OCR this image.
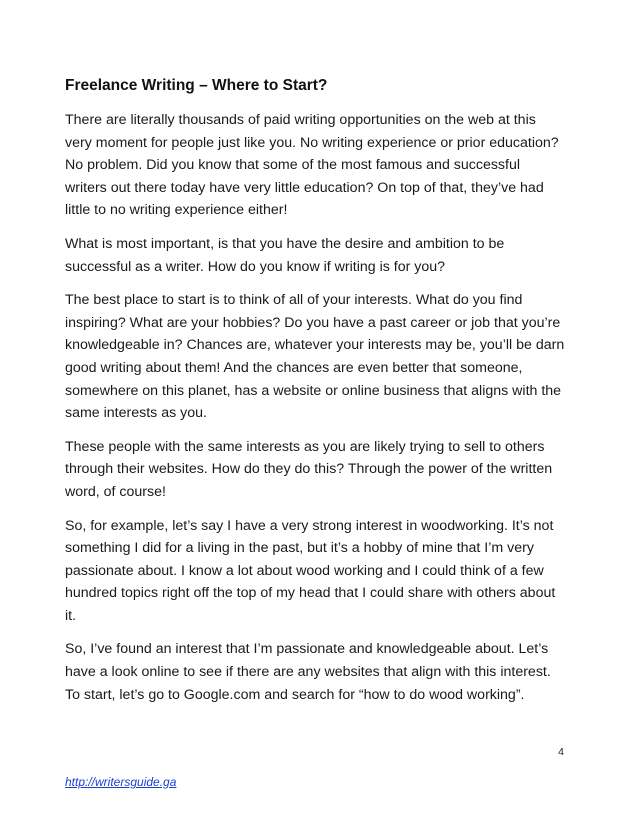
Freelance Writing – Where to Start?

There are literally thousands of paid writing opportunities on the web at this very moment for people just like you. No writing experience or prior education? No problem. Did you know that some of the most famous and successful writers out there today have very little education? On top of that, they’ve had little to no writing experience either!

What is most important, is that you have the desire and ambition to be successful as a writer. How do you know if writing is for you?

The best place to start is to think of all of your interests. What do you find inspiring? What are your hobbies? Do you have a past career or job that you’re knowledgeable in? Chances are, whatever your interests may be, you’ll be darn good writing about them! And the chances are even better that someone, somewhere on this planet, has a website or online business that aligns with the same interests as you.

These people with the same interests as you are likely trying to sell to others through their websites. How do they do this? Through the power of the written word, of course!

So, for example, let’s say I have a very strong interest in woodworking. It’s not something I did for a living in the past, but it’s a hobby of mine that I’m very passionate about. I know a lot about wood working and I could think of a few hundred topics right off the top of my head that I could share with others about it.

So, I’ve found an interest that I’m passionate and knowledgeable about. Let’s have a look online to see if there are any websites that align with this interest. To start, let’s go to Google.com and search for “how to do wood working”.

4
http://writersguide.ga
